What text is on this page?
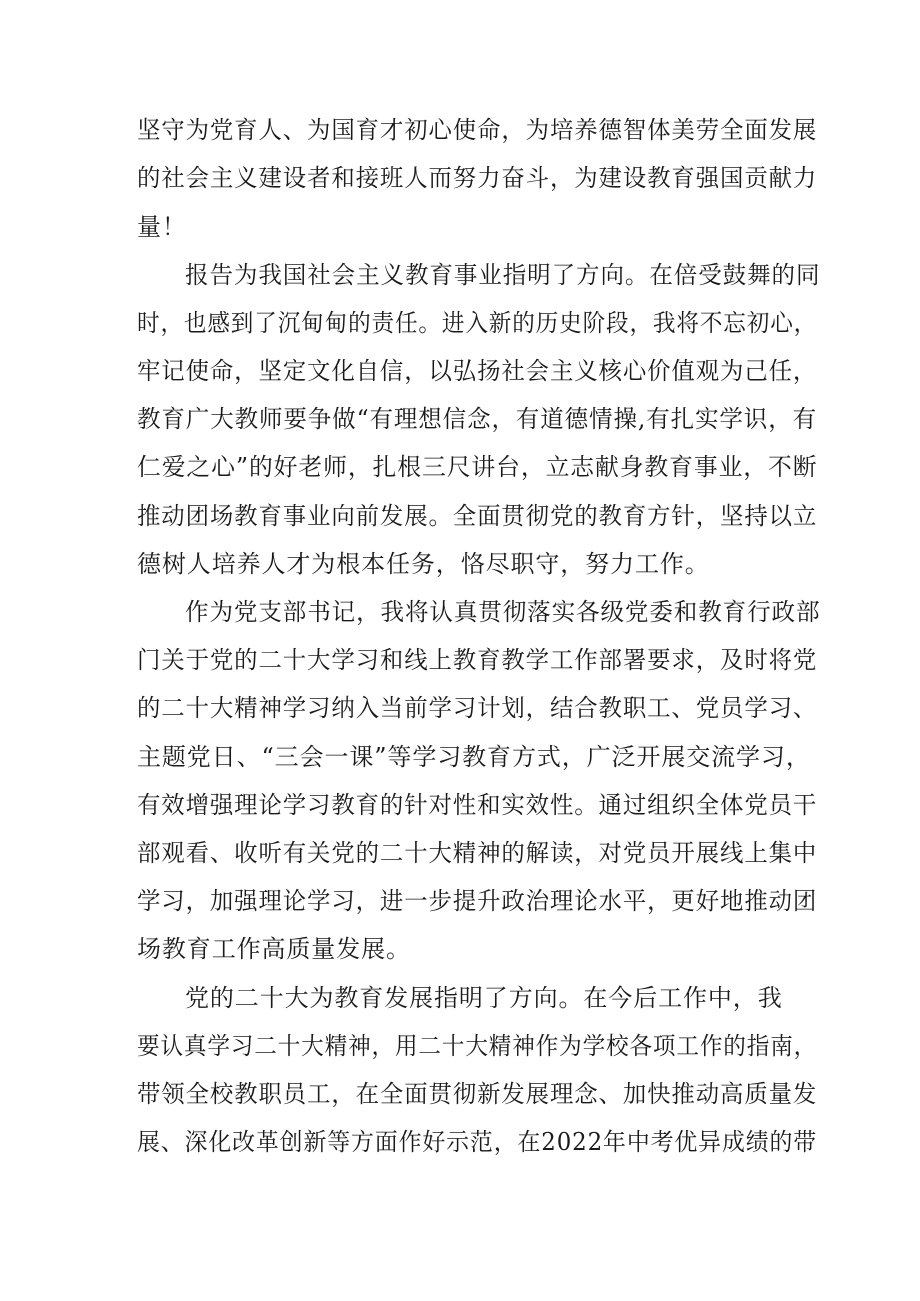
坚守为党育人、为国育才初心使命，为培养德智体美劳全面发展
的社会主义建设者和接班人而努力奋斗，为建设教育强国贡献力
量！
报告为我国社会主义教育事业指明了方向。在倍受鼓舞的同
时，也感到了沉甸甸的责任。进入新的历史阶段，我将不忘初心，
牢记使命，坚定文化自信，以弘扬社会主义核心价值观为己任，
教育广大教师要争做“有理想信念，有道德情操,有扎实学识，有
仁爱之心”的好老师，扎根三尺讲台，立志献身教育事业，不断
推动团场教育事业向前发展。全面贯彻党的教育方针，坚持以立
德树人培养人才为根本任务，恪尽职守，努力工作。
作为党支部书记，我将认真贯彻落实各级党委和教育行政部
门关于党的二十大学习和线上教育教学工作部署要求，及时将党
的二十大精神学习纳入当前学习计划，结合教职工、党员学习、
主题党日、“三会一课”等学习教育方式，广泛开展交流学习，
有效增强理论学习教育的针对性和实效性。通过组织全体党员干
部观看、收听有关党的二十大精神的解读，对党员开展线上集中
学习，加强理论学习，进一步提升政治理论水平，更好地推动团
场教育工作高质量发展。
党的二十大为教育发展指明了方向。在今后工作中，我
要认真学习二十大精神，用二十大精神作为学校各项工作的指南，
带领全校教职员工，在全面贯彻新发展理念、加快推动高质量发
展、深化改革创新等方面作好示范，在2022年中考优异成绩的带
